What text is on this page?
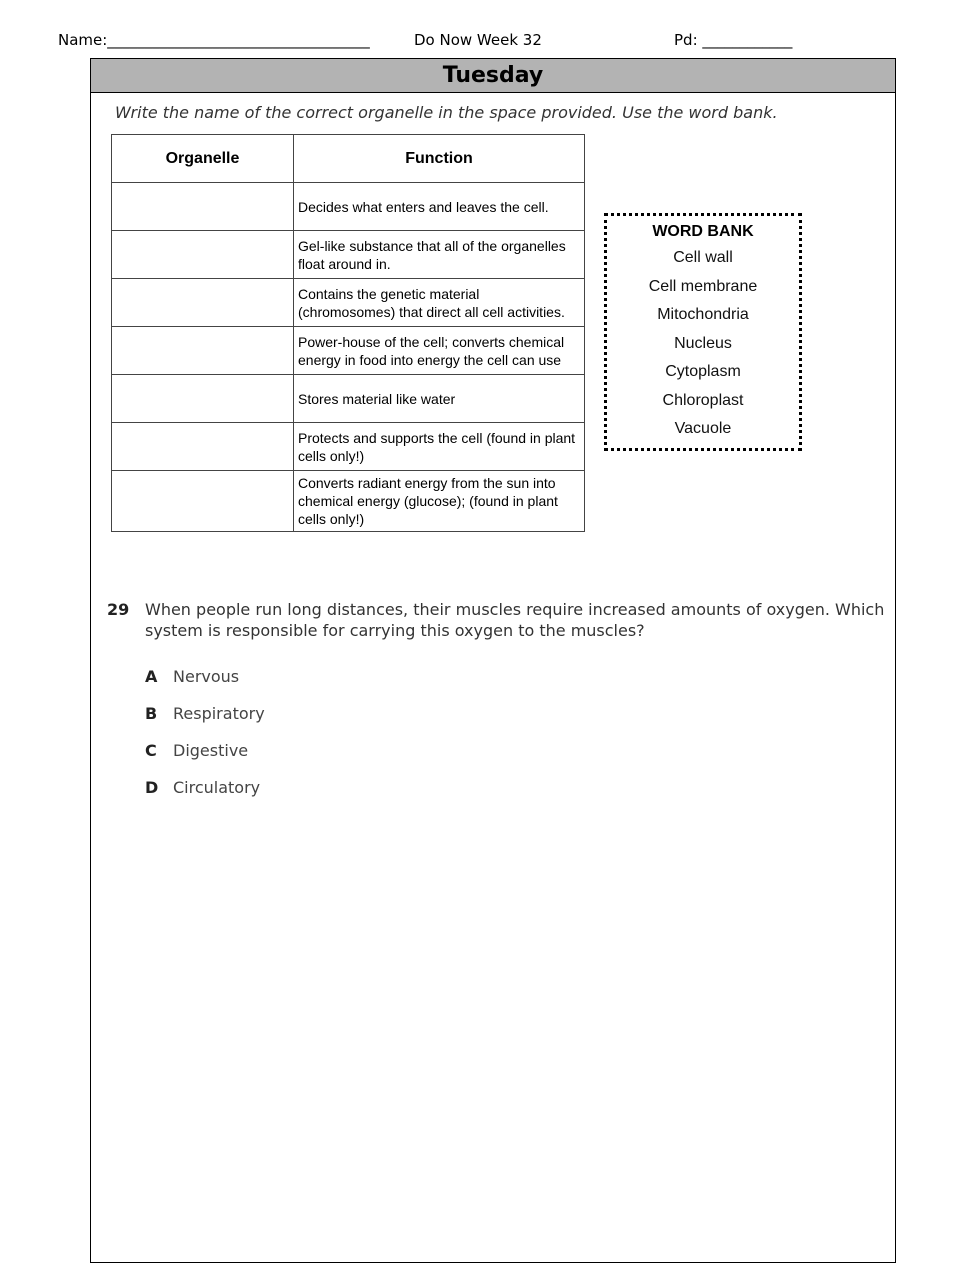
Name:___________________________________	Do Now Week 32	Pd: ____________
Tuesday
Write the name of the correct organelle in the space provided. Use the word bank.
Organelle	Function
	Decides what enters and leaves the cell.
	Gel-like substance that all of the organelles float around in.
	Contains the genetic material (chromosomes) that direct all cell activities.
	Power-house of the cell; converts chemical energy in food into energy the cell can use
	Stores material like water
	Protects and supports the cell (found in plant cells only!)
	Converts radiant energy from the sun into chemical energy (glucose); (found in plant cells only!)
WORD BANK
Cell wall
Cell membrane
Mitochondria
Nucleus
Cytoplasm
Chloroplast
Vacuole
29 When people run long distances, their muscles require increased amounts of oxygen. Which system is responsible for carrying this oxygen to the muscles?
A Nervous
B Respiratory
C Digestive
D Circulatory
